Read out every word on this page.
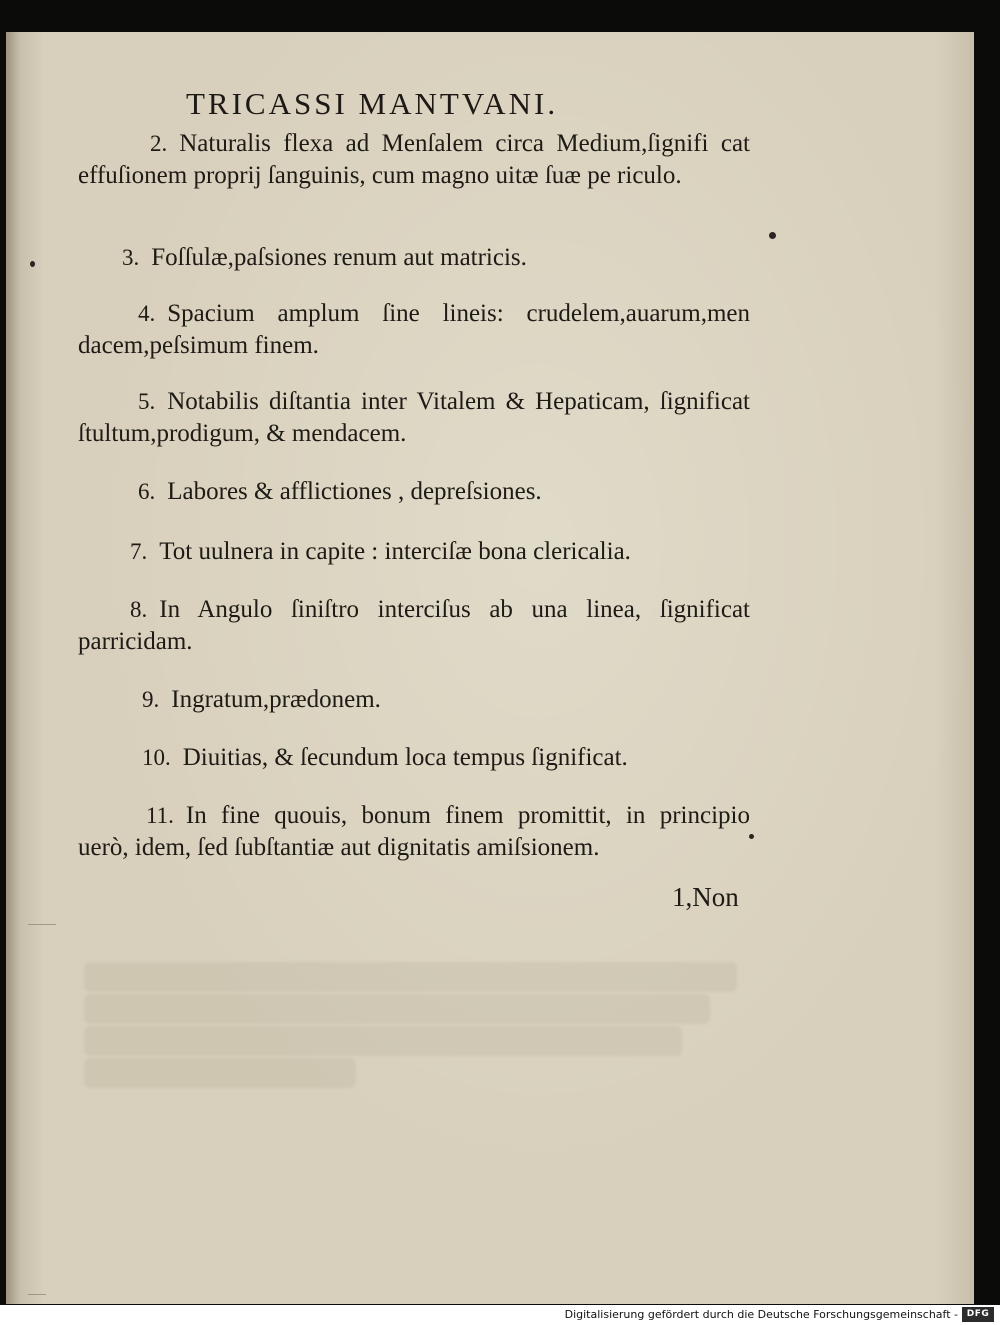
TRICASSI MANTVANI.
2. Naturalis flexa ad Menſalem circa Medium,ſignifi cat effuſionem proprij ſanguinis, cum magno uitæ ſuæ pe riculo.
3. Foſſulæ,paſsiones renum aut matricis.
4. Spacium amplum ſine lineis: crudelem,auarum,men dacem,peſsimum finem.
5. Notabilis diſtantia inter Vitalem & Hepaticam, ſignificat ſtultum,prodigum, & mendacem.
6. Labores & afflictiones , depreſsiones.
7. Tot uulnera in capite : interciſæ bona clericalia.
8. In Angulo ſiniſtro interciſus ab una linea, ſignificat parricidam.
9. Ingratum,prædonem.
10. Diuitias, & ſecundum loca tempus ſignificat.
11. In fine quouis, bonum finem promittit, in principio uerò, idem, ſed ſubſtantiæ aut dignitatis amiſsionem.
1,Non
Digitalisierung gefördert durch die Deutsche Forschungsgemeinschaft - DFG
